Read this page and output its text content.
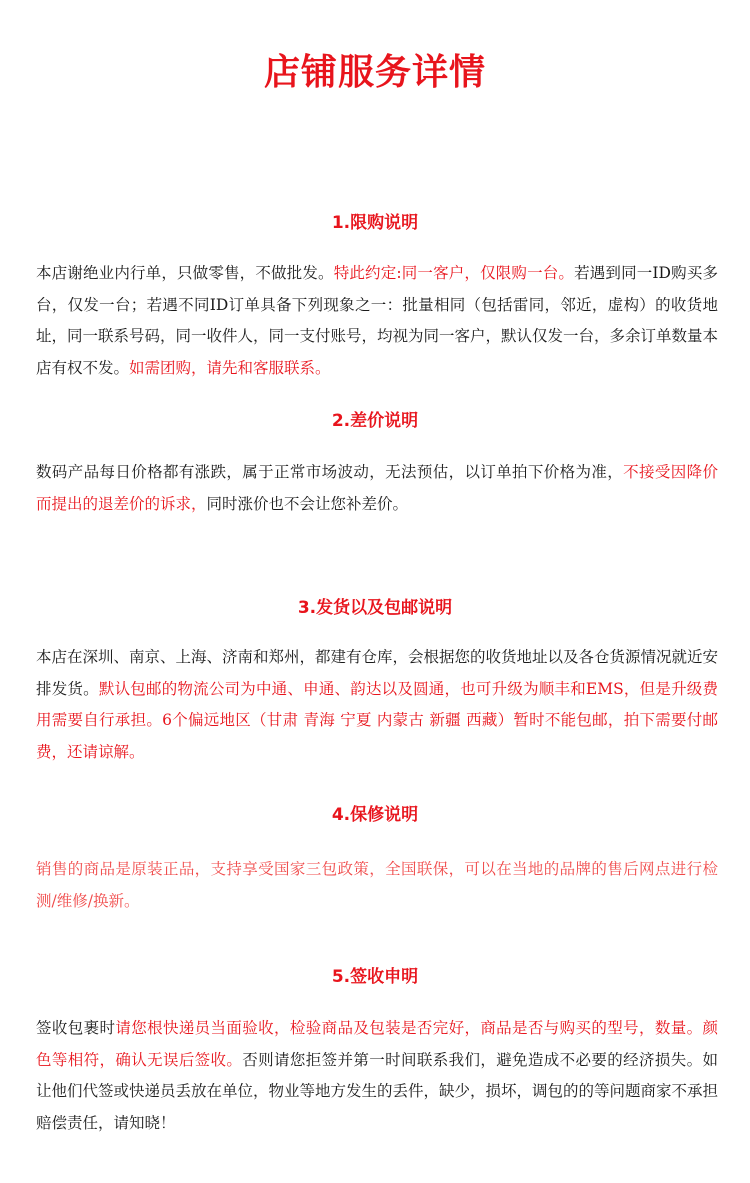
店铺服务详情
1.限购说明

本店谢绝业内行单，只做零售，不做批发。特此约定:同一客户，仅限购一台。若遇到同一ID购买多台，仅发一台；若遇不同ID订单具备下列现象之一：批量相同（包括雷同，邻近，虚构）的收货地址，同一联系号码，同一收件人，同一支付账号，均视为同一客户，默认仅发一台，多余订单数量本店有权不发。如需团购，请先和客服联系。

2.差价说明

数码产品每日价格都有涨跌，属于正常市场波动，无法预估，以订单拍下价格为准，不接受因降价而提出的退差价的诉求，同时涨价也不会让您补差价。

3.发货以及包邮说明

本店在深圳、南京、上海、济南和郑州，都建有仓库，会根据您的收货地址以及各仓货源情况就近安排发货。默认包邮的物流公司为中通、申通、韵达以及圆通，也可升级为顺丰和EMS，但是升级费用需要自行承担。6个偏远地区（甘肃 青海 宁夏 内蒙古 新疆 西藏）暂时不能包邮，拍下需要付邮费，还请谅解。

4.保修说明

销售的商品是原装正品，支持享受国家三包政策，全国联保，可以在当地的品牌的售后网点进行检测/维修/换新。

5.签收申明

签收包裹时请您根快递员当面验收，检验商品及包装是否完好，商品是否与购买的型号，数量。颜色等相符，确认无误后签收。否则请您拒签并第一时间联系我们，避免造成不必要的经济损失。如让他们代签或快递员丢放在单位，物业等地方发生的丢件，缺少，损坏，调包的的等问题商家不承担赔偿责任，请知晓！
